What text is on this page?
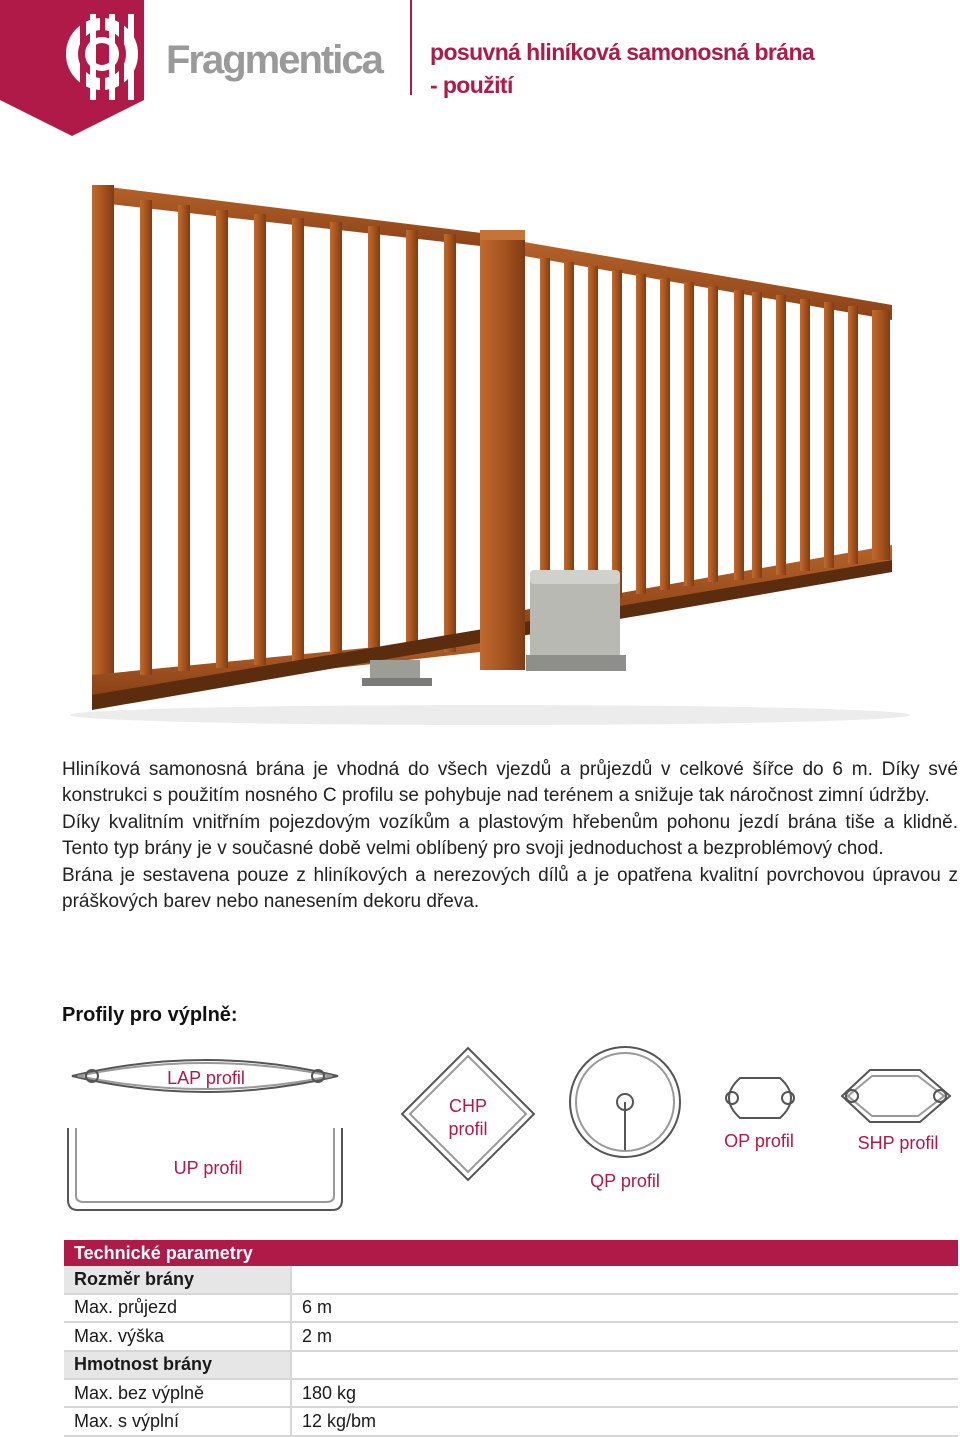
Fragmentica posuvná hliníková samonosná brána
- použití

Hliníková samonosná brána je vhodná do všech vjezdů a průjezdů v celkové šířce do 6 m. Díky své konstrukci s použitím nosného C profilu se pohybuje nad terénem a snižuje tak náročnost zimní údržby.

Díky kvalitním vnitřním pojezdovým vozíkům a plastovým hřebenům pohonu jezdí brána tiše a klidně. Tento typ brány je v současné době velmi oblíbený pro svoji jednoduchost a bezproblémový chod.

Brána je sestavena pouze z hliníkových a nerezových dílů a je opatřena kvalitní povrchovou úpravou z práškových barev nebo nanesením dekoru dřeva.

Profily pro výplně:
LAP profil
UP profil
CHP
profil
QP profil
OP profil	SHP profil
Technické parametry	
Rozměr brány	
Max. průjezd	6 m
Max. výška	2 m
Hmotnost brány	
Max. bez výplně	180 kg
Max. s výplní	12 kg/bm
